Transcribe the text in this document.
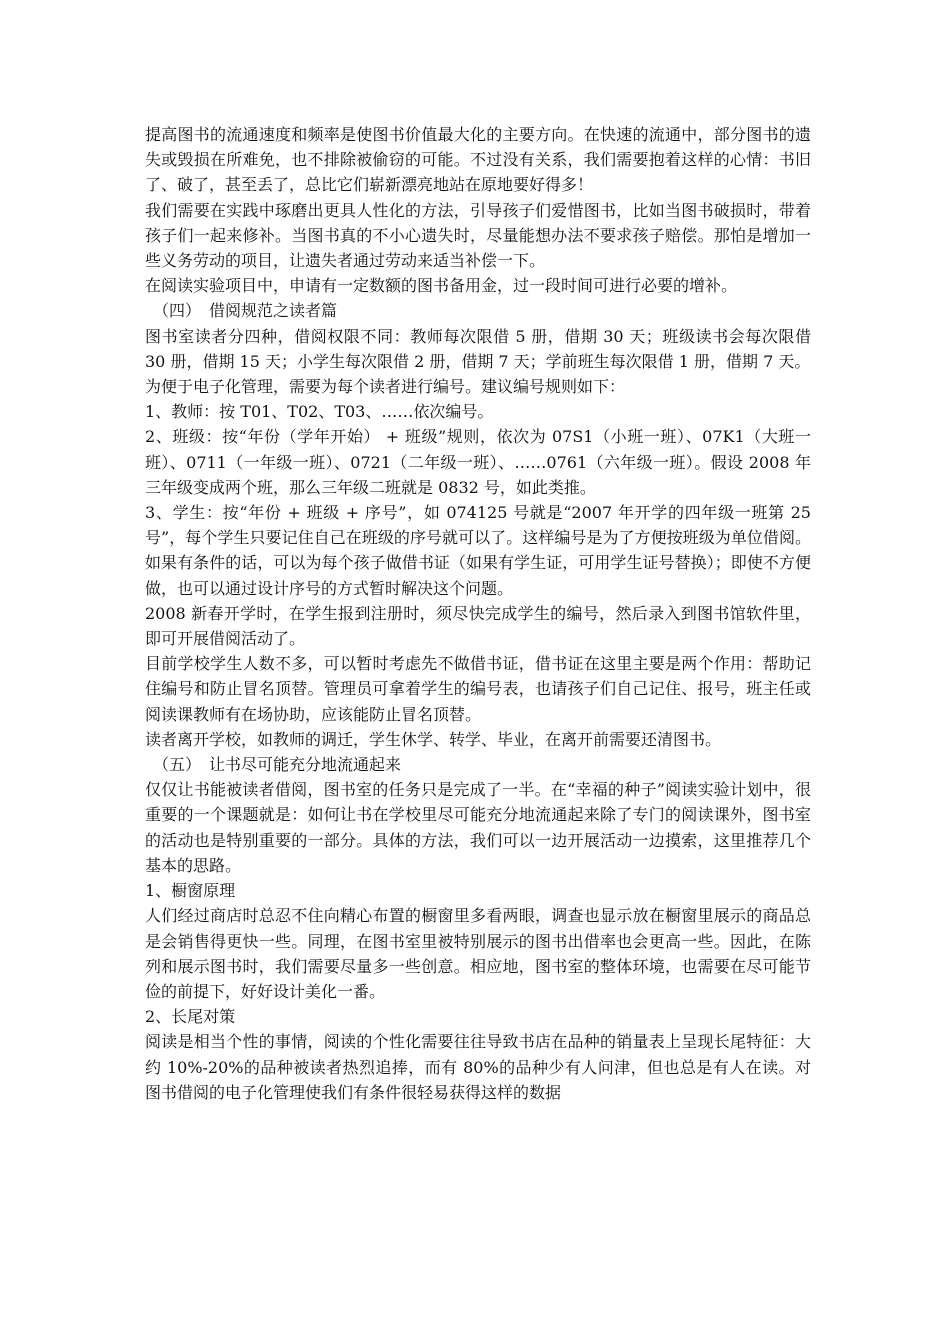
提高图书的流通速度和频率是使图书价值最大化的主要方向。在快速的流通中，部分图书的遗失或毁损在所难免，也不排除被偷窃的可能。不过没有关系，我们需要抱着这样的心情：书旧了、破了，甚至丢了，总比它们崭新漂亮地站在原地要好得多！

我们需要在实践中琢磨出更具人性化的方法，引导孩子们爱惜图书，比如当图书破损时，带着孩子们一起来修补。当图书真的不小心遗失时，尽量能想办法不要求孩子赔偿。那怕是增加一些义务劳动的项目，让遗失者通过劳动来适当补偿一下。

在阅读实验项目中，申请有一定数额的图书备用金，过一段时间可进行必要的增补。

（四）　借阅规范之读者篇

图书室读者分四种，借阅权限不同：教师每次限借 5 册，借期 30 天；班级读书会每次限借 30 册，借期 15 天；小学生每次限借 2 册，借期 7 天；学前班生每次限借 1 册，借期 7 天。

为便于电子化管理，需要为每个读者进行编号。建议编号规则如下：

1、教师：按 T01、T02、T03、……依次编号。

2、班级：按“年份（学年开始） + 班级”规则，依次为 07S1（小班一班）、07K1（大班一班）、0711（一年级一班）、0721（二年级一班）、……0761（六年级一班）。假设 2008 年三年级变成两个班，那么三年级二班就是 0832 号，如此类推。

3、学生：按“年份 + 班级 + 序号”，如 074125 号就是“2007 年开学的四年级一班第 25 号”，每个学生只要记住自己在班级的序号就可以了。这样编号是为了方便按班级为单位借阅。如果有条件的话，可以为每个孩子做借书证（如果有学生证，可用学生证号替换）；即使不方便做，也可以通过设计序号的方式暂时解决这个问题。

2008 新春开学时，在学生报到注册时，须尽快完成学生的编号，然后录入到图书馆软件里，即可开展借阅活动了。

目前学校学生人数不多，可以暂时考虑先不做借书证，借书证在这里主要是两个作用：帮助记住编号和防止冒名顶替。管理员可拿着学生的编号表，也请孩子们自己记住、报号，班主任或阅读课教师有在场协助，应该能防止冒名顶替。

读者离开学校，如教师的调迁，学生休学、转学、毕业，在离开前需要还清图书。

（五）　让书尽可能充分地流通起来

仅仅让书能被读者借阅，图书室的任务只是完成了一半。在“幸福的种子”阅读实验计划中，很重要的一个课题就是：如何让书在学校里尽可能充分地流通起来除了专门的阅读课外，图书室的活动也是特别重要的一部分。具体的方法，我们可以一边开展活动一边摸索，这里推荐几个基本的思路。

1、橱窗原理

人们经过商店时总忍不住向精心布置的橱窗里多看两眼，调查也显示放在橱窗里展示的商品总是会销售得更快一些。同理，在图书室里被特别展示的图书出借率也会更高一些。因此，在陈列和展示图书时，我们需要尽量多一些创意。相应地，图书室的整体环境，也需要在尽可能节俭的前提下，好好设计美化一番。

2、长尾对策

阅读是相当个性的事情，阅读的个性化需要往往导致书店在品种的销量表上呈现长尾特征：大约 10%-20%的品种被读者热烈追捧，而有 80%的品种少有人问津，但也总是有人在读。对图书借阅的电子化管理使我们有条件很轻易获得这样的数据
